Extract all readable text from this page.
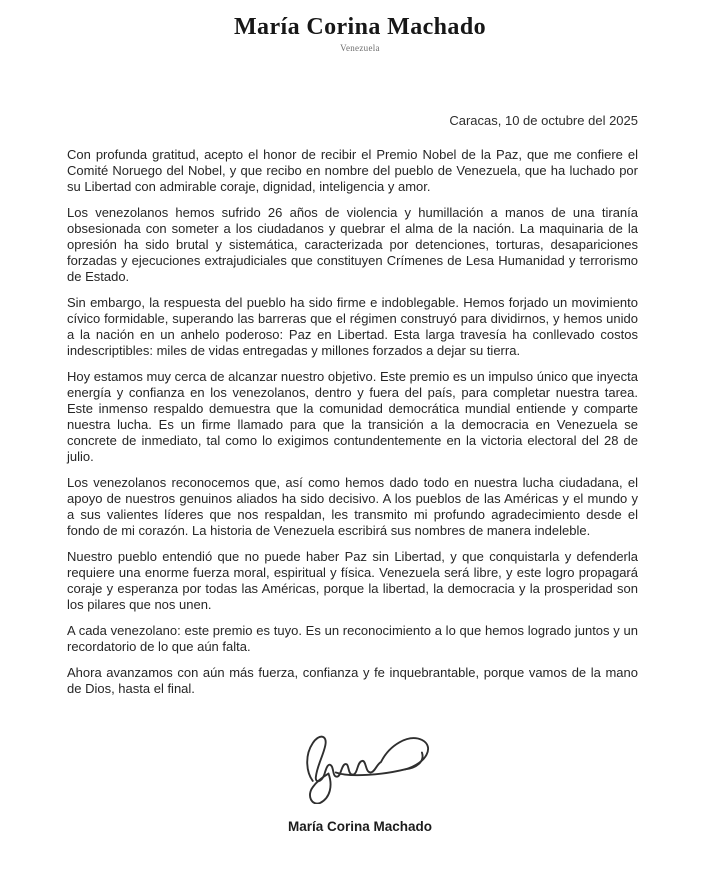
María Corina Machado
Venezuela
Caracas, 10 de octubre del 2025

Con profunda gratitud, acepto el honor de recibir el Premio Nobel de la Paz, que me confiere el Comité Noruego del Nobel, y que recibo en nombre del pueblo de Venezuela, que ha luchado por su Libertad con admirable coraje, dignidad, inteligencia y amor.

Los venezolanos hemos sufrido 26 años de violencia y humillación a manos de una tiranía obsesionada con someter a los ciudadanos y quebrar el alma de la nación. La maquinaria de la opresión ha sido brutal y sistemática, caracterizada por detenciones, torturas, desapariciones forzadas y ejecuciones extrajudiciales que constituyen Crímenes de Lesa Humanidad y terrorismo de Estado.

Sin embargo, la respuesta del pueblo ha sido firme e indoblegable. Hemos forjado un movimiento cívico formidable, superando las barreras que el régimen construyó para dividirnos, y hemos unido a la nación en un anhelo poderoso: Paz en Libertad. Esta larga travesía ha conllevado costos indescriptibles: miles de vidas entregadas y millones forzados a dejar su tierra.

Hoy estamos muy cerca de alcanzar nuestro objetivo. Este premio es un impulso único que inyecta energía y confianza en los venezolanos, dentro y fuera del país, para completar nuestra tarea. Este inmenso respaldo demuestra que la comunidad democrática mundial entiende y comparte nuestra lucha. Es un firme llamado para que la transición a la democracia en Venezuela se concrete de inmediato, tal como lo exigimos contundentemente en la victoria electoral del 28 de julio.

Los venezolanos reconocemos que, así como hemos dado todo en nuestra lucha ciudadana, el apoyo de nuestros genuinos aliados ha sido decisivo. A los pueblos de las Américas y el mundo y a sus valientes líderes que nos respaldan, les transmito mi profundo agradecimiento desde el fondo de mi corazón. La historia de Venezuela escribirá sus nombres de manera indeleble.

Nuestro pueblo entendió que no puede haber Paz sin Libertad, y que conquistarla y defenderla requiere una enorme fuerza moral, espiritual y física. Venezuela será libre, y este logro propagará coraje y esperanza por todas las Américas, porque la libertad, la democracia y la prosperidad son los pilares que nos unen.

A cada venezolano: este premio es tuyo. Es un reconocimiento a lo que hemos logrado juntos y un recordatorio de lo que aún falta.

Ahora avanzamos con aún más fuerza, confianza y fe inquebrantable, porque vamos de la mano de Dios, hasta el final.

María Corina Machado
